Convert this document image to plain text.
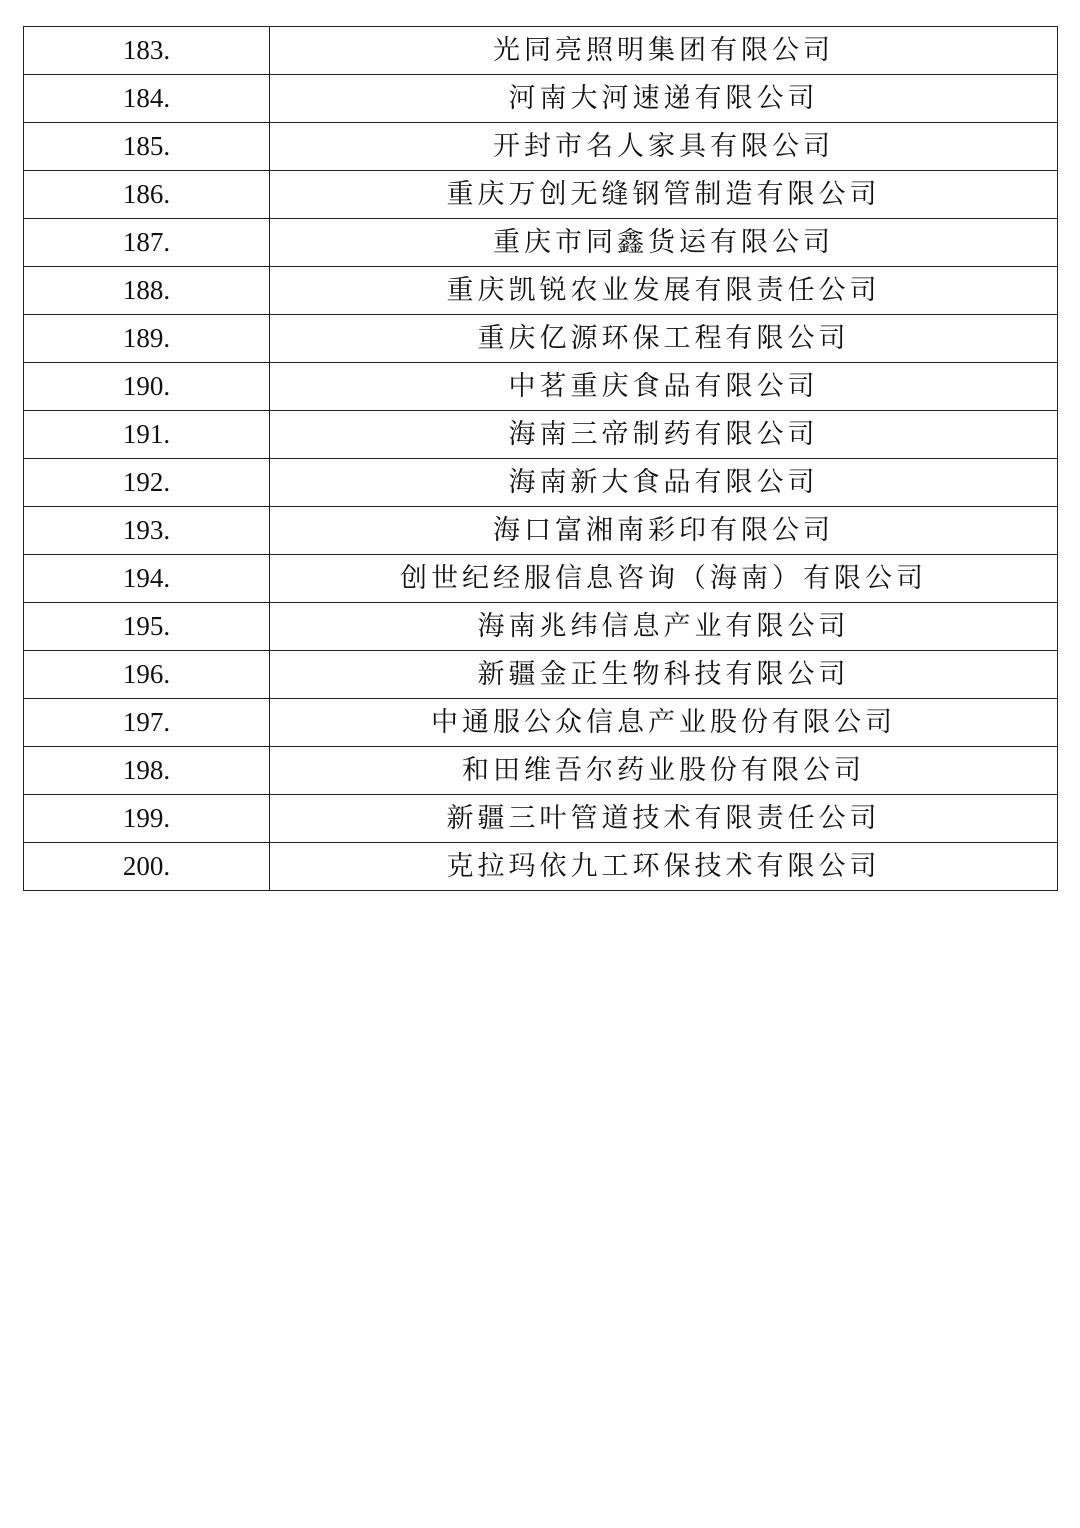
183.	光同亮照明集团有限公司
184.	河南大河速递有限公司
185.	开封市名人家具有限公司
186.	重庆万创无缝钢管制造有限公司
187.	重庆市同鑫货运有限公司
188.	重庆凯锐农业发展有限责任公司
189.	重庆亿源环保工程有限公司
190.	中茗重庆食品有限公司
191.	海南三帝制药有限公司
192.	海南新大食品有限公司
193.	海口富湘南彩印有限公司
194.	创世纪经服信息咨询（海南）有限公司
195.	海南兆纬信息产业有限公司
196.	新疆金正生物科技有限公司
197.	中通服公众信息产业股份有限公司
198.	和田维吾尔药业股份有限公司
199.	新疆三叶管道技术有限责任公司
200.	克拉玛依九工环保技术有限公司
